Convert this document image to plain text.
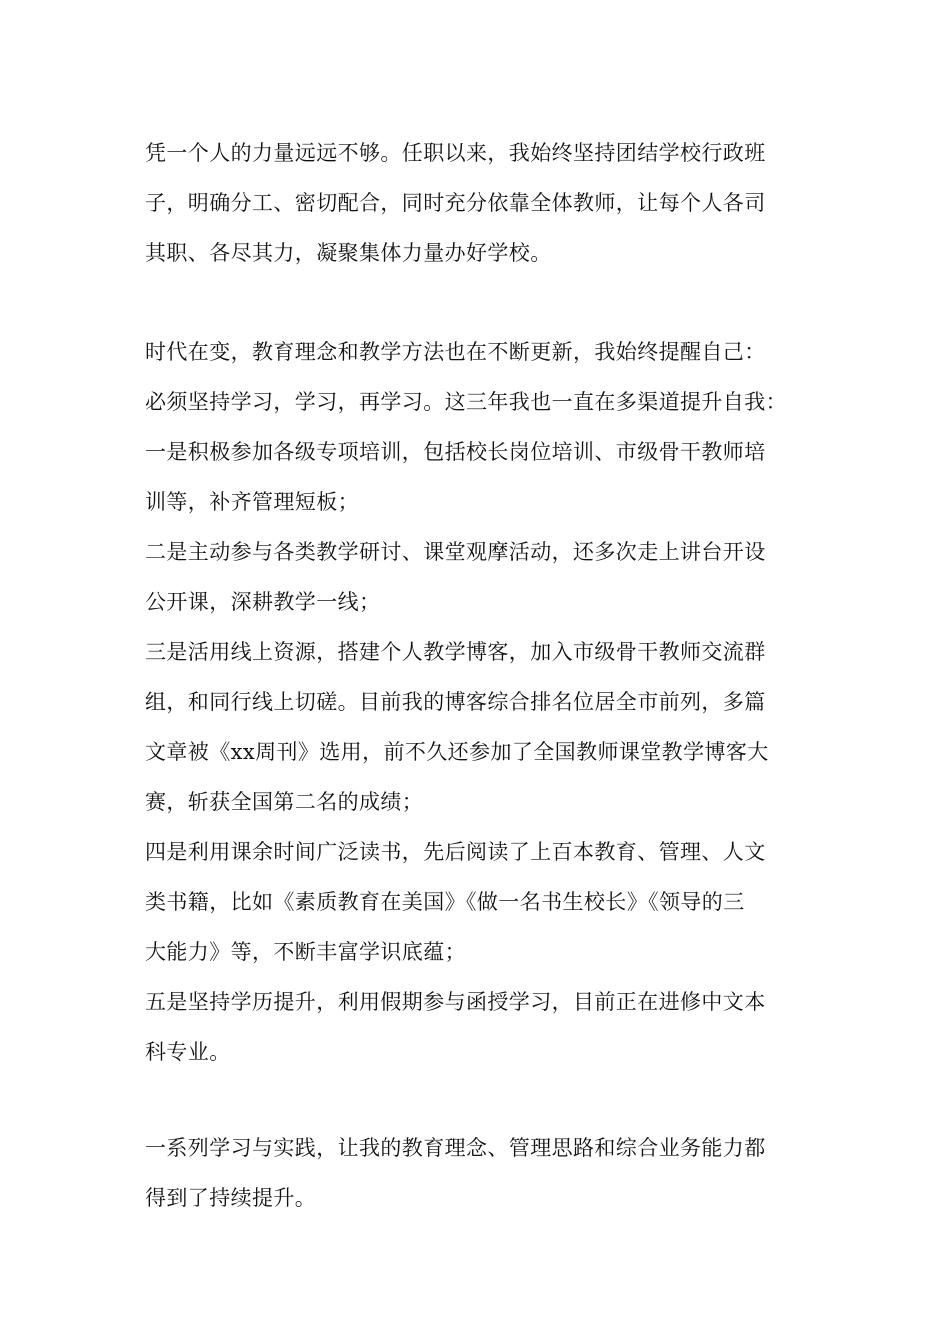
凭一个人的力量远远不够。任职以来，我始终坚持团结学校行政班
子，明确分工、密切配合，同时充分依靠全体教师，让每个人各司
其职、各尽其力，凝聚集体力量办好学校。
时代在变，教育理念和教学方法也在不断更新，我始终提醒自己：
必须坚持学习，学习，再学习。这三年我也一直在多渠道提升自我：
一是积极参加各级专项培训，包括校长岗位培训、市级骨干教师培
训等，补齐管理短板；
二是主动参与各类教学研讨、课堂观摩活动，还多次走上讲台开设
公开课，深耕教学一线；
三是活用线上资源，搭建个人教学博客，加入市级骨干教师交流群
组，和同行线上切磋。目前我的博客综合排名位居全市前列，多篇
文章被《xx周刊》选用，前不久还参加了全国教师课堂教学博客大
赛，斩获全国第二名的成绩；
四是利用课余时间广泛读书，先后阅读了上百本教育、管理、人文
类书籍，比如《素质教育在美国》《做一名书生校长》《领导的三
大能力》等，不断丰富学识底蕴；
五是坚持学历提升，利用假期参与函授学习，目前正在进修中文本
科专业。
一系列学习与实践，让我的教育理念、管理思路和综合业务能力都
得到了持续提升。
